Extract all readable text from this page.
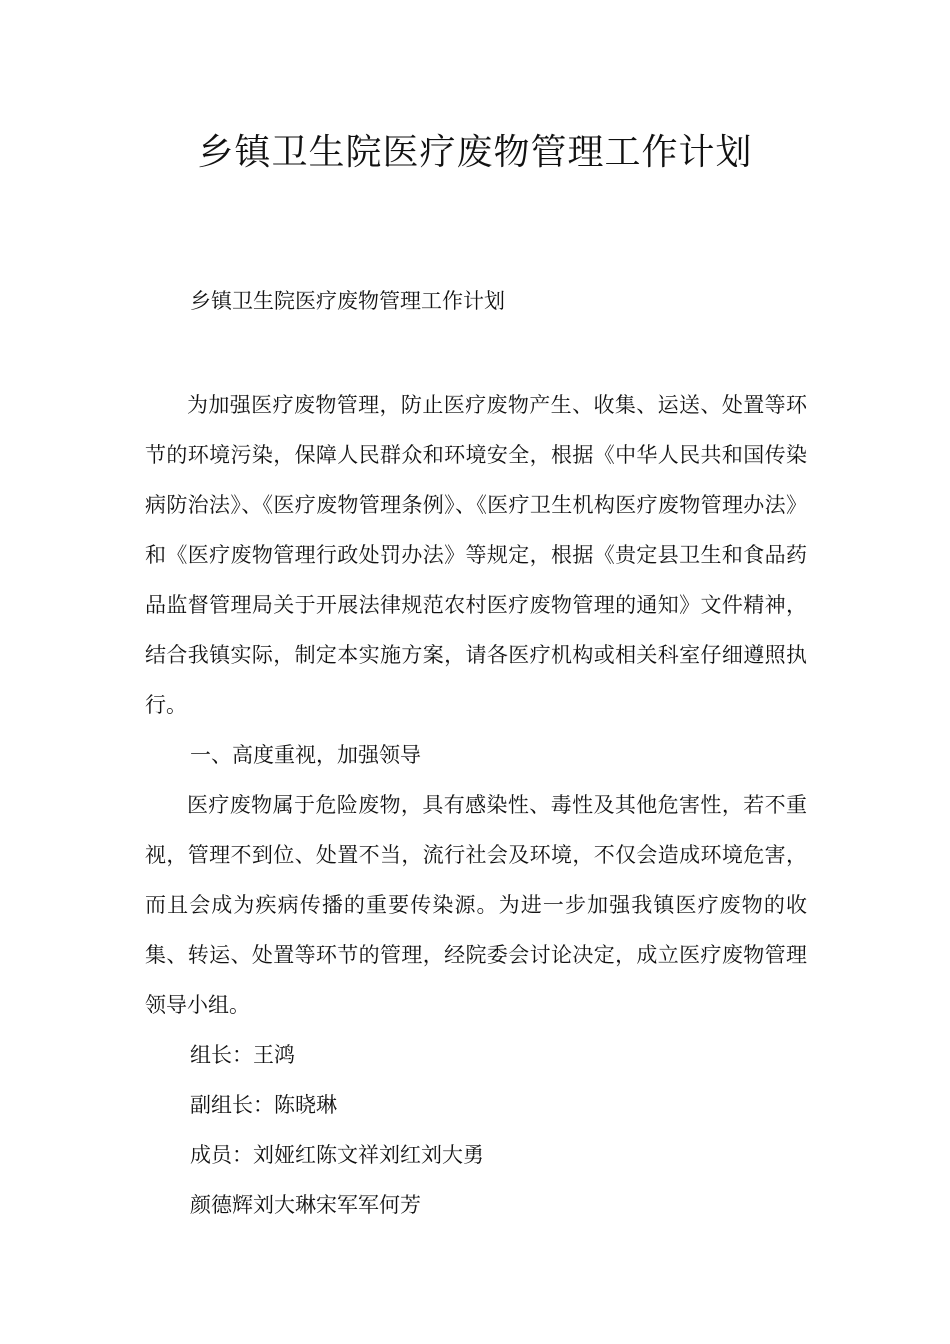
乡镇卫生院医疗废物管理工作计划
乡镇卫生院医疗废物管理工作计划

为加强医疗废物管理，防止医疗废物产生、收集、运送、处置等环节的环境污染，保障人民群众和环境安全，根据《中华人民共和国传染病防治法》、《医疗废物管理条例》、《医疗卫生机构医疗废物管理办法》和《医疗废物管理行政处罚办法》等规定，根据《贵定县卫生和食品药品监督管理局关于开展法律规范农村医疗废物管理的通知》文件精神，结合我镇实际，制定本实施方案，请各医疗机构或相关科室仔细遵照执行。

一、高度重视，加强领导

医疗废物属于危险废物，具有感染性、毒性及其他危害性，若不重视，管理不到位、处置不当，流行社会及环境，不仅会造成环境危害，而且会成为疾病传播的重要传染源。为进一步加强我镇医疗废物的收集、转运、处置等环节的管理，经院委会讨论决定，成立医疗废物管理领导小组。

组长：王鸿

副组长：陈晓琳

成员：刘娅红陈文祥刘红刘大勇

颜德辉刘大琳宋军军何芳
